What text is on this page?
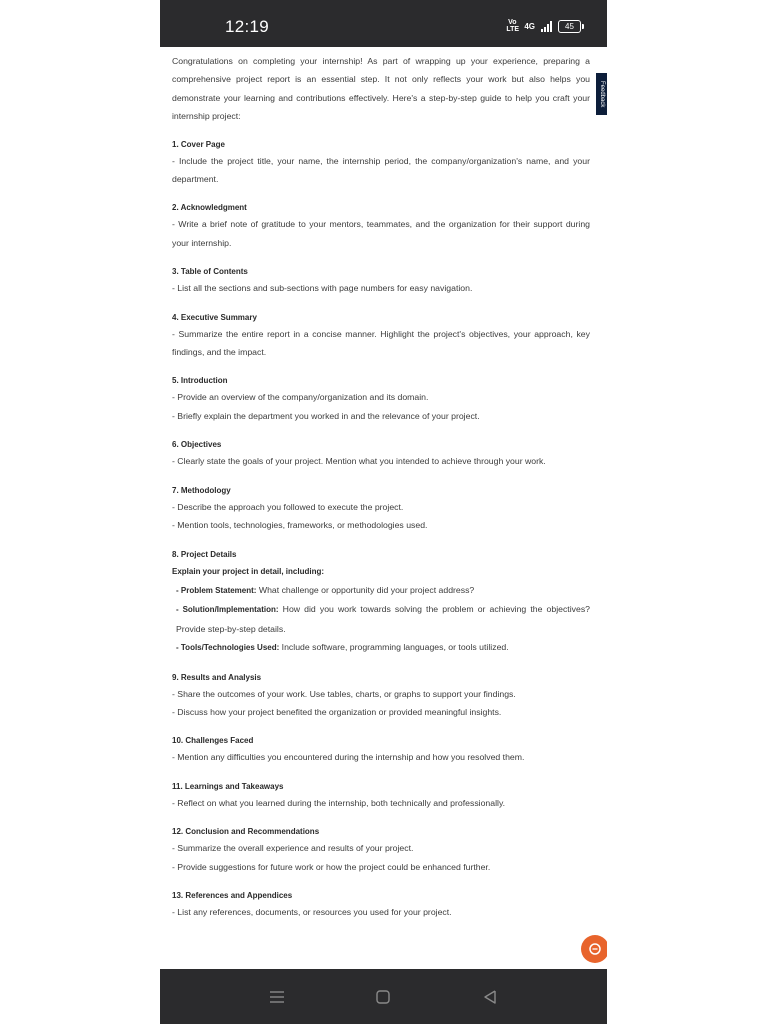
12:19	Vo LTE 4G	45

Congratulations on completing your internship! As part of wrapping up your experience, preparing a comprehensive project report is an essential step. It not only reflects your work but also helps you demonstrate your learning and contributions effectively. Here's a step-by-step guide to help you craft your internship project:

1. Cover Page
- Include the project title, your name, the internship period, the company/organization's name, and your department.
2. Acknowledgment
- Write a brief note of gratitude to your mentors, teammates, and the organization for their support during your internship.
3. Table of Contents
- List all the sections and sub-sections with page numbers for easy navigation.
4. Executive Summary
- Summarize the entire report in a concise manner. Highlight the project's objectives, your approach, key findings, and the impact.
5. Introduction
- Provide an overview of the company/organization and its domain.
- Briefly explain the department you worked in and the relevance of your project.
6. Objectives
- Clearly state the goals of your project. Mention what you intended to achieve through your work.
7. Methodology
- Describe the approach you followed to execute the project.
- Mention tools, technologies, frameworks, or methodologies used.
8. Project Details
Explain your project in detail, including:
- Problem Statement: What challenge or opportunity did your project address?
- Solution/Implementation: How did you work towards solving the problem or achieving the objectives? Provide step-by-step details.
- Tools/Technologies Used: Include software, programming languages, or tools utilized.
9. Results and Analysis
- Share the outcomes of your work. Use tables, charts, or graphs to support your findings.
- Discuss how your project benefited the organization or provided meaningful insights.
10. Challenges Faced
- Mention any difficulties you encountered during the internship and how you resolved them.
11. Learnings and Takeaways
- Reflect on what you learned during the internship, both technically and professionally.
12. Conclusion and Recommendations
- Summarize the overall experience and results of your project.
- Provide suggestions for future work or how the project could be enhanced further.
13. References and Appendices
- List any references, documents, or resources you used for your project.
Feedback
